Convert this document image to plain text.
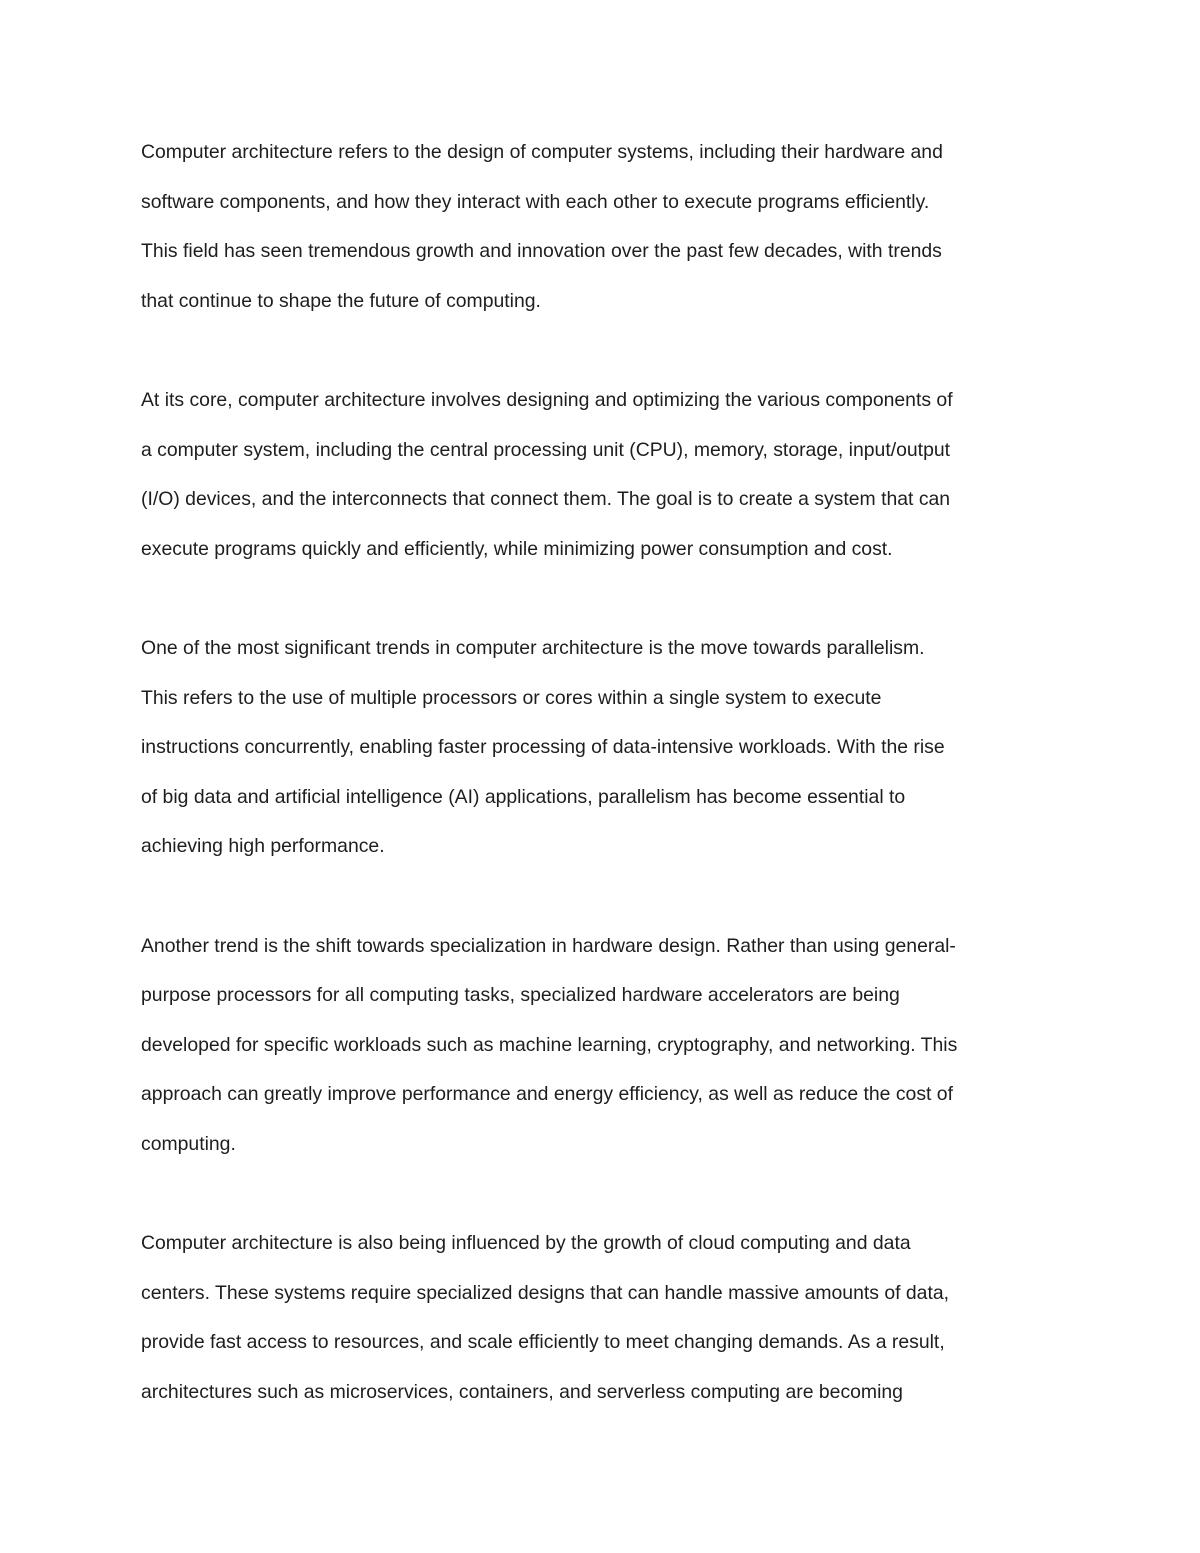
Computer architecture refers to the design of computer systems, including their hardware and
software components, and how they interact with each other to execute programs efficiently.
This field has seen tremendous growth and innovation over the past few decades, with trends
that continue to shape the future of computing.
At its core, computer architecture involves designing and optimizing the various components of
a computer system, including the central processing unit (CPU), memory, storage, input/output
(I/O) devices, and the interconnects that connect them. The goal is to create a system that can
execute programs quickly and efficiently, while minimizing power consumption and cost.
One of the most significant trends in computer architecture is the move towards parallelism.
This refers to the use of multiple processors or cores within a single system to execute
instructions concurrently, enabling faster processing of data-intensive workloads. With the rise
of big data and artificial intelligence (AI) applications, parallelism has become essential to
achieving high performance.
Another trend is the shift towards specialization in hardware design. Rather than using general-
purpose processors for all computing tasks, specialized hardware accelerators are being
developed for specific workloads such as machine learning, cryptography, and networking. This
approach can greatly improve performance and energy efficiency, as well as reduce the cost of
computing.
Computer architecture is also being influenced by the growth of cloud computing and data
centers. These systems require specialized designs that can handle massive amounts of data,
provide fast access to resources, and scale efficiently to meet changing demands. As a result,
architectures such as microservices, containers, and serverless computing are becoming
